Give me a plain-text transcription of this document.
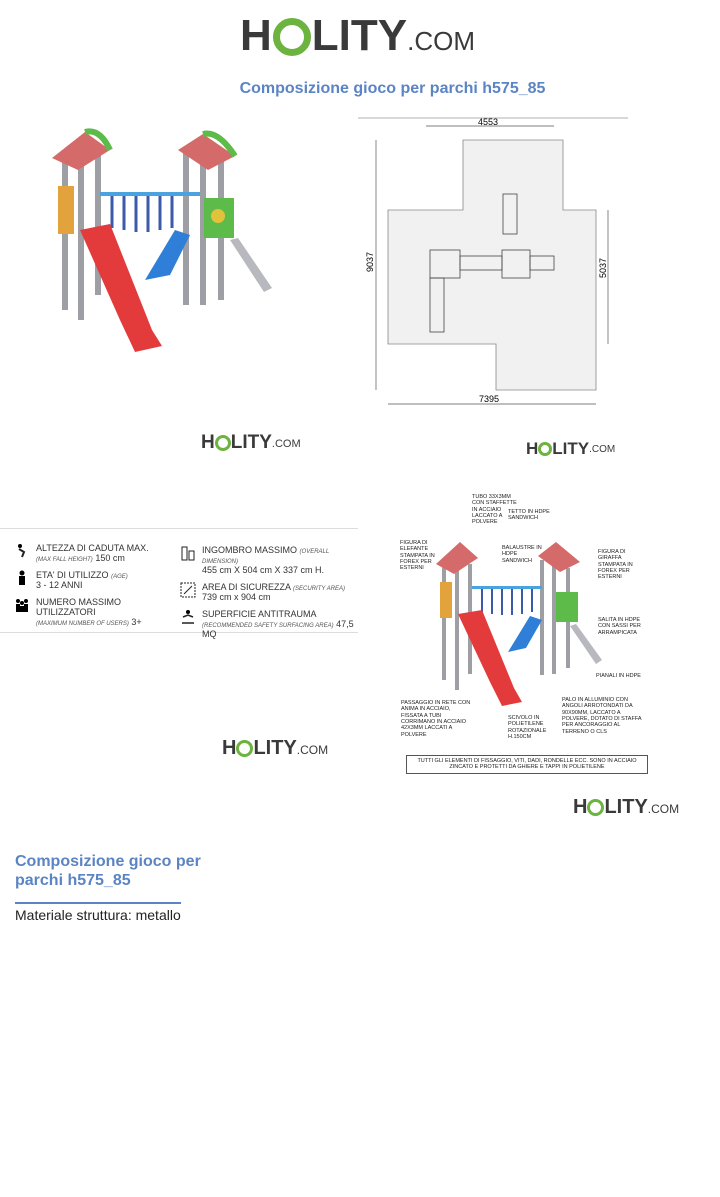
H LITY .COM
Composizione gioco per parchi h575_85
4553
9037	5037
7395
H LITY .COM	H LITY .COM
ALTEZZA DI CADUTA MAX.
(MAX FALL HEIGHT) 150 cm
ETA' DI UTILIZZO (AGE)
3 - 12 ANNI
NUMERO MASSIMO UTILIZZATORI
(MAXIMUM NUMBER OF USERS) 3+
INGOMBRO MASSIMO (OVERALL DIMENSION)
455 cm X 504 cm X 337 cm H.
AREA DI SICUREZZA (SECURITY AREA)
739 cm x 904 cm
SUPERFICIE ANTITRAUMA
(RECOMMENDED SAFETY SURFACING AREA) 47,5 MQ
H LITY .COM
TUBO 33X3MM CON STAFFETTE IN ACCIAIO LACCATO A POLVERE
TETTO IN HDPE SANDWICH
FIGURA DI ELEFANTE STAMPATA IN FOREX PER ESTERNI
BALAUSTRE IN HDPE SANDWICH
FIGURA DI GIRAFFA STAMPATA IN FOREX PER ESTERNI
SALITA IN HDPE CON SASSI PER ARRAMPICATA
PIANALI IN HDPE
PALO IN ALLUMINIO CON ANGOLI ARROTONDATI DA 90X90MM, LACCATO A POLVERE, DOTATO DI STAFFA PER ANCORAGGIO AL TERRENO O CLS
PASSAGGIO IN RETE CON ANIMA IN ACCIAIO, FISSATA A TUBI CORRIMANO IN ACCIAIO 42X3MM LACCATI A POLVERE
SCIVOLO IN POLIETILENE ROTAZIONALE H.150CM
TUTTI GLI ELEMENTI DI FISSAGGIO, VITI, DADI, RONDELLE ECC. SONO IN ACCIAIO ZINCATO E PROTETTI DA GHIERE E TAPPI IN POLIETILENE
H LITY .COM
Composizione gioco per parchi h575_85
Materiale struttura: metallo
